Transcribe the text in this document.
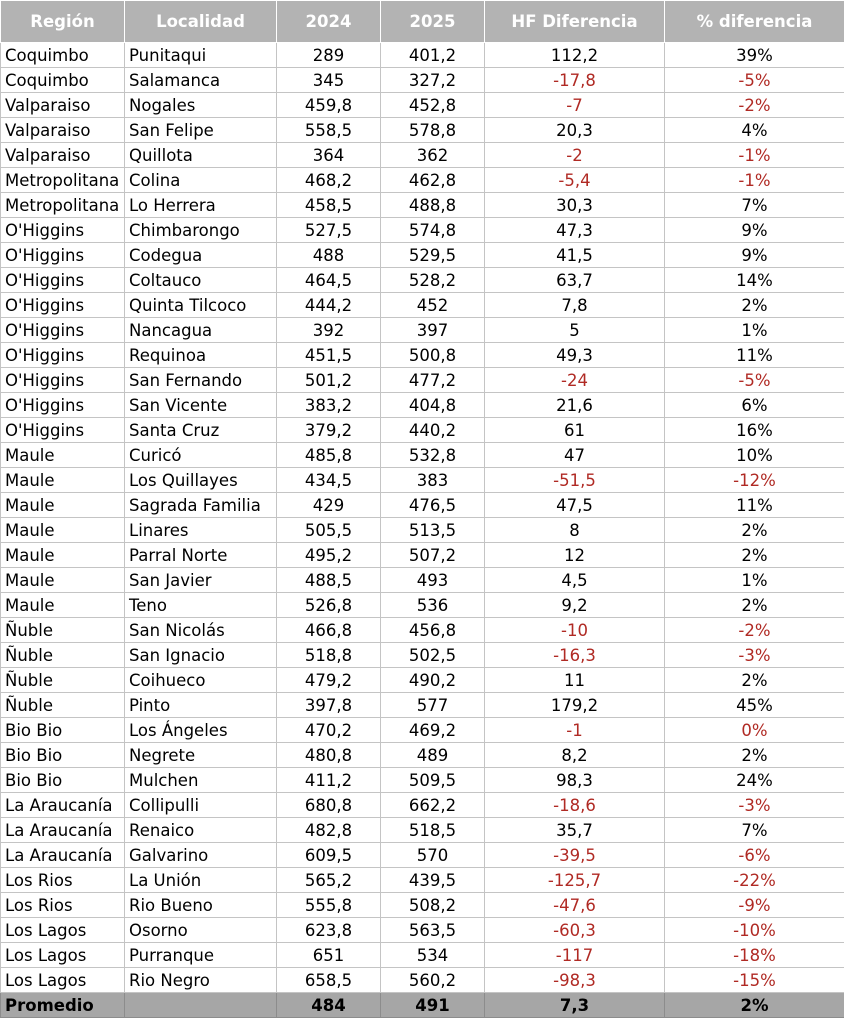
Región	Localidad	2024	2025	HF Diferencia	% diferencia
Coquimbo	Punitaqui	289	401,2	112,2	39%
Coquimbo	Salamanca	345	327,2	-17,8	-5%
Valparaiso	Nogales	459,8	452,8	-7	-2%
Valparaiso	San Felipe	558,5	578,8	20,3	4%
Valparaiso	Quillota	364	362	-2	-1%
Metropolitana	Colina	468,2	462,8	-5,4	-1%
Metropolitana	Lo Herrera	458,5	488,8	30,3	7%
O'Higgins	Chimbarongo	527,5	574,8	47,3	9%
O'Higgins	Codegua	488	529,5	41,5	9%
O'Higgins	Coltauco	464,5	528,2	63,7	14%
O'Higgins	Quinta Tilcoco	444,2	452	7,8	2%
O'Higgins	Nancagua	392	397	5	1%
O'Higgins	Requinoa	451,5	500,8	49,3	11%
O'Higgins	San Fernando	501,2	477,2	-24	-5%
O'Higgins	San Vicente	383,2	404,8	21,6	6%
O'Higgins	Santa Cruz	379,2	440,2	61	16%
Maule	Curicó	485,8	532,8	47	10%
Maule	Los Quillayes	434,5	383	-51,5	-12%
Maule	Sagrada Familia	429	476,5	47,5	11%
Maule	Linares	505,5	513,5	8	2%
Maule	Parral Norte	495,2	507,2	12	2%
Maule	San Javier	488,5	493	4,5	1%
Maule	Teno	526,8	536	9,2	2%
Ñuble	San Nicolás	466,8	456,8	-10	-2%
Ñuble	San Ignacio	518,8	502,5	-16,3	-3%
Ñuble	Coihueco	479,2	490,2	11	2%
Ñuble	Pinto	397,8	577	179,2	45%
Bio Bio	Los Ángeles	470,2	469,2	-1	0%
Bio Bio	Negrete	480,8	489	8,2	2%
Bio Bio	Mulchen	411,2	509,5	98,3	24%
La Araucanía	Collipulli	680,8	662,2	-18,6	-3%
La Araucanía	Renaico	482,8	518,5	35,7	7%
La Araucanía	Galvarino	609,5	570	-39,5	-6%
Los Rios	La Unión	565,2	439,5	-125,7	-22%
Los Rios	Rio Bueno	555,8	508,2	-47,6	-9%
Los Lagos	Osorno	623,8	563,5	-60,3	-10%
Los Lagos	Purranque	651	534	-117	-18%
Los Lagos	Rio Negro	658,5	560,2	-98,3	-15%
Promedio		484	491	7,3	2%
